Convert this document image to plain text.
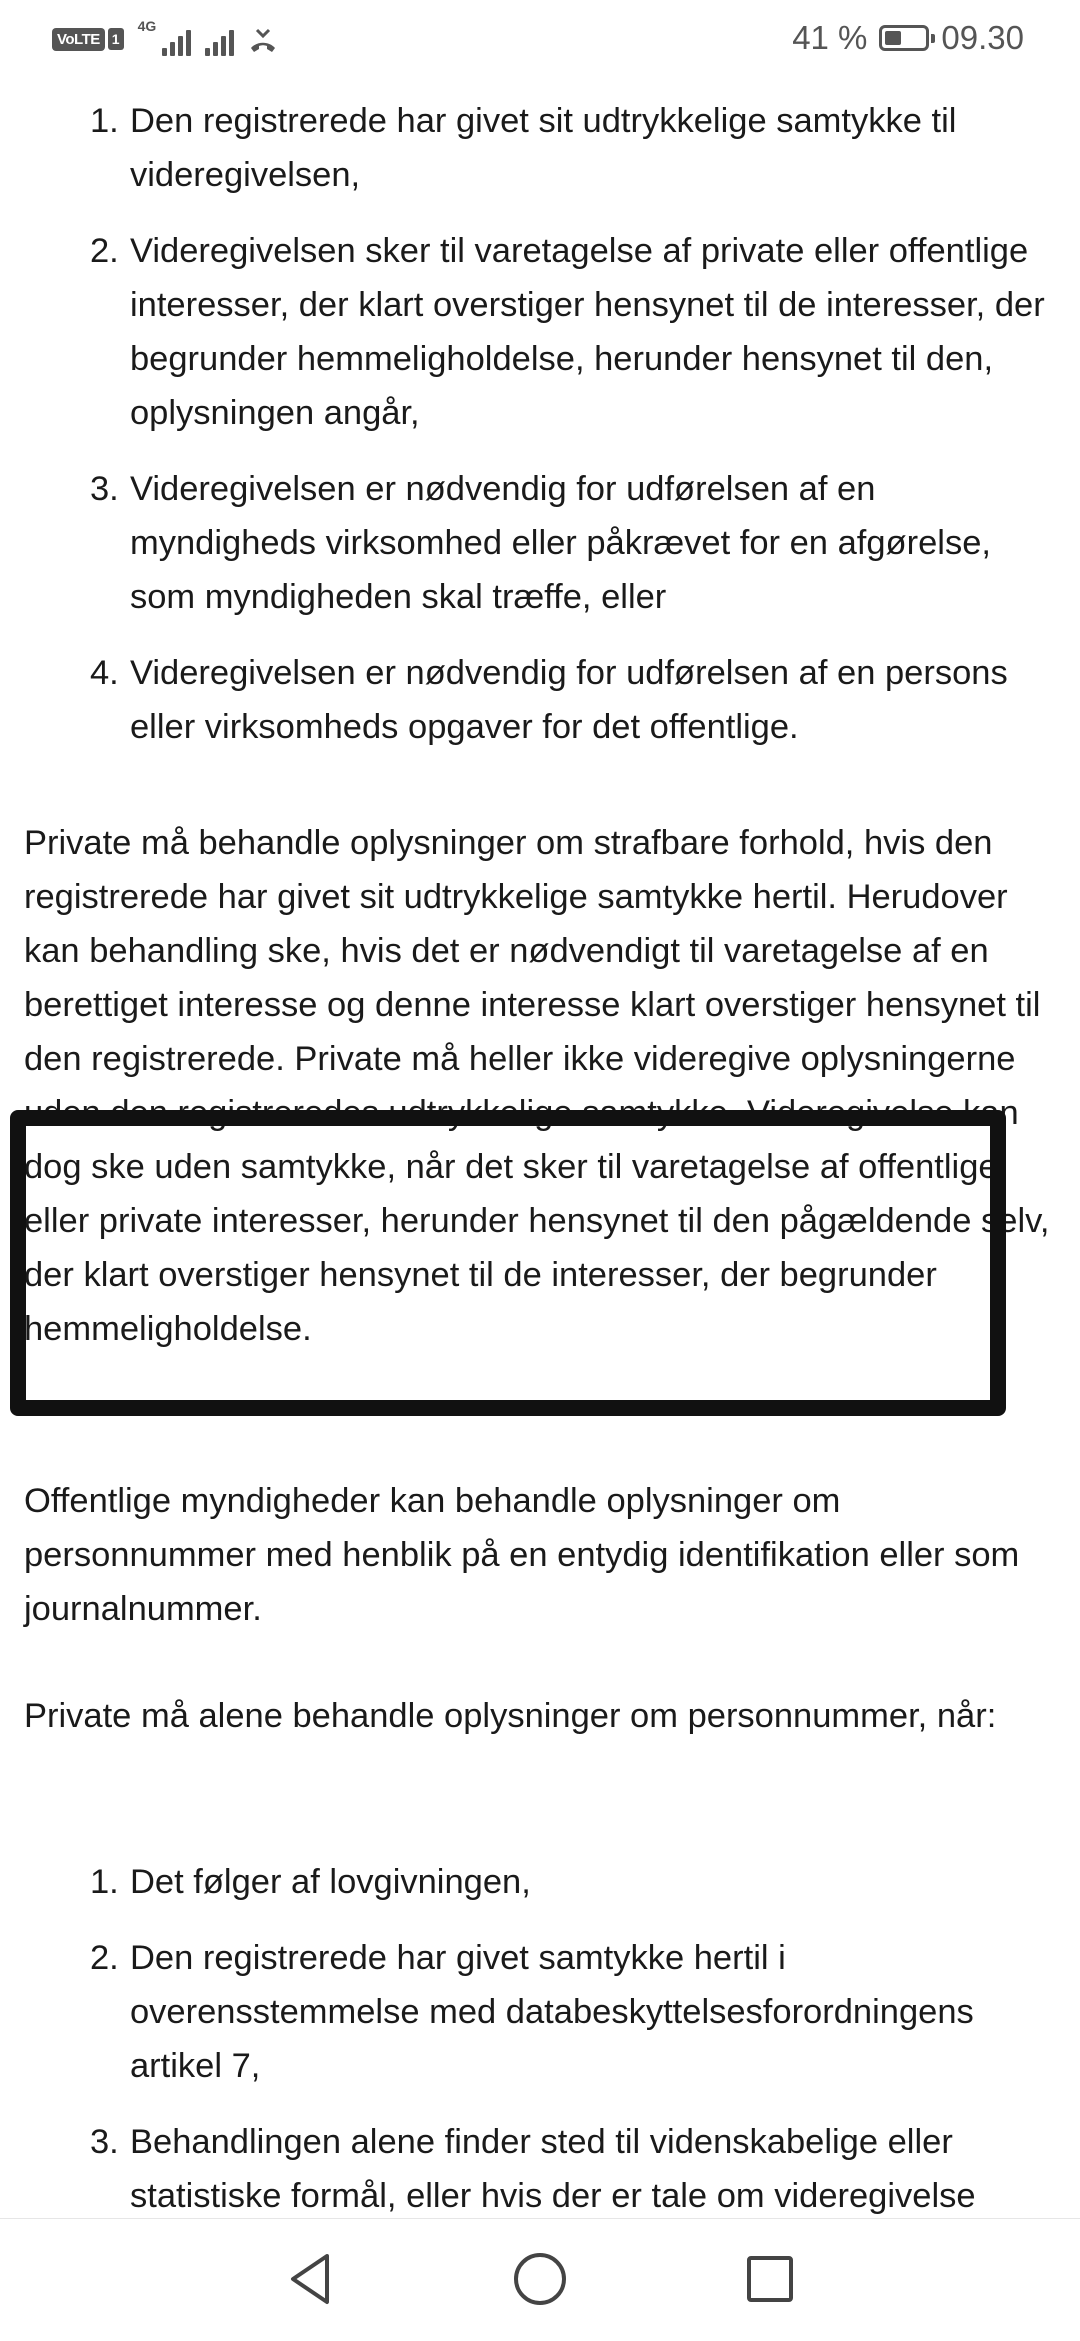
VoLTE 1
4G	41 % 09.30
1. Den registrerede har givet sit udtrykkelige samtykke til videregivelsen,
2. Videregivelsen sker til varetagelse af private eller offentlige interesser, der klart overstiger hensynet til de interesser, der begrunder hemmeligholdelse, herunder hensynet til den, oplysningen angår,
3. Videregivelsen er nødvendig for udførelsen af en myndigheds virksomhed eller påkrævet for en afgørelse, som myndigheden skal træffe, eller
4. Videregivelsen er nødvendig for udførelsen af en persons eller virksomheds opgaver for det offentlige.

Private må behandle oplysninger om strafbare forhold, hvis den registrerede har givet sit udtrykkelige samtykke hertil. Herudover kan behandling ske, hvis det er nødvendigt til varetagelse af en berettiget interesse og denne interesse klart overstiger hensynet til den registrerede. Private må heller ikke videregive oplysningerne uden den registreredes udtrykkelige samtykke. Videregivelse kan dog ske uden samtykke, når det sker til varetagelse af offentlige eller private interesser, herunder hensynet til den pågældende selv, der klart overstiger hensynet til de interesser, der begrunder hemmeligholdelse.

Offentlige myndigheder kan behandle oplysninger om personnummer med henblik på en entydig identifikation eller som journalnummer.

Private må alene behandle oplysninger om personnummer, når:

1. Det følger af lovgivningen,
2. Den registrerede har givet samtykke hertil i overensstemmelse med databeskyttelsesforordningens artikel 7,
3. Behandlingen alene finder sted til videnskabelige eller statistiske formål, eller hvis der er tale om videregivelse
